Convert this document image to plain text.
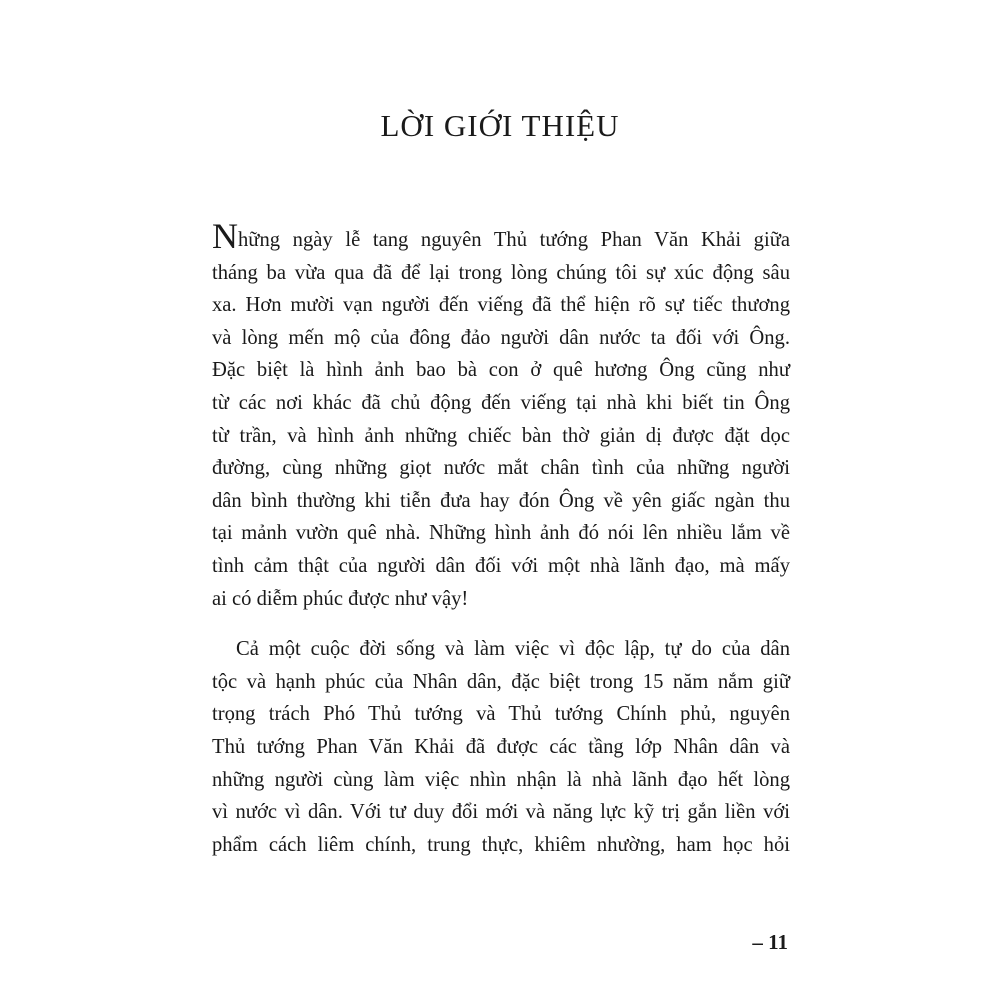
LỜI GIỚI THIỆU
Những ngày lễ tang nguyên Thủ tướng Phan Văn Khải giữa
tháng ba vừa qua đã để lại trong lòng chúng tôi sự xúc động sâu
xa. Hơn mười vạn người đến viếng đã thể hiện rõ sự tiếc thương
và lòng mến mộ của đông đảo người dân nước ta đối với Ông.
Đặc biệt là hình ảnh bao bà con ở quê hương Ông cũng như
từ các nơi khác đã chủ động đến viếng tại nhà khi biết tin Ông
từ trần, và hình ảnh những chiếc bàn thờ giản dị được đặt dọc
đường, cùng những giọt nước mắt chân tình của những người
dân bình thường khi tiễn đưa hay đón Ông về yên giấc ngàn thu
tại mảnh vườn quê nhà. Những hình ảnh đó nói lên nhiều lắm về
tình cảm thật của người dân đối với một nhà lãnh đạo, mà mấy
ai có diễm phúc được như vậy!
Cả một cuộc đời sống và làm việc vì độc lập, tự do của dân
tộc và hạnh phúc của Nhân dân, đặc biệt trong 15 năm nắm giữ
trọng trách Phó Thủ tướng và Thủ tướng Chính phủ, nguyên
Thủ tướng Phan Văn Khải đã được các tầng lớp Nhân dân và
những người cùng làm việc nhìn nhận là nhà lãnh đạo hết lòng
vì nước vì dân. Với tư duy đổi mới và năng lực kỹ trị gắn liền với
phẩm cách liêm chính, trung thực, khiêm nhường, ham học hỏi
– 11
